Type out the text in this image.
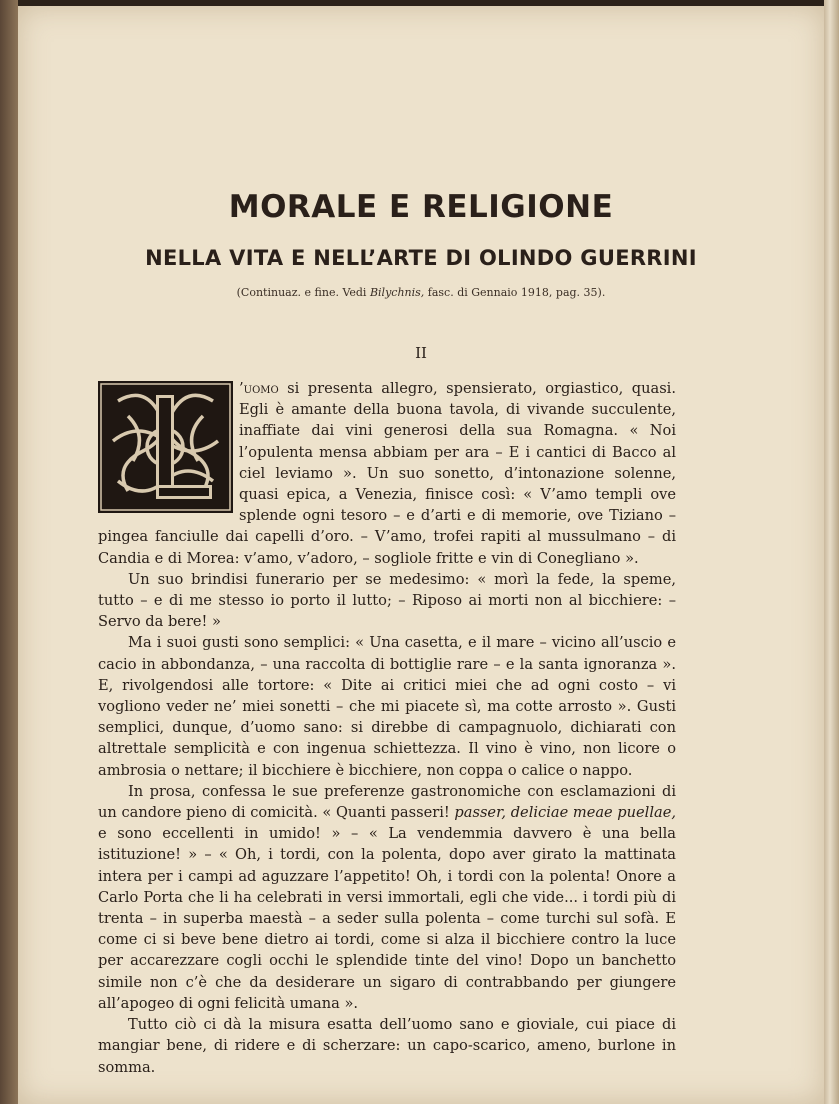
MORALE E RELIGIONE
NELLA VITA E NELL’ARTE DI OLINDO GUERRINI
(Continuaz. e fine. Vedi Bilychnis, fasc. di Gennaio 1918, pag. 35).
II

’uomo si presenta allegro, spensierato, orgiastico, quasi. Egli è amante della buona tavola, di vivande succulente, inaffiate dai vini generosi della sua Romagna. « Noi l’opulenta mensa abbiam per ara – E i cantici di Bacco al ciel leviamo ». Un suo sonetto, d’intonazione solenne, quasi epica, a Venezia, finisce così: « V’amo templi ove splende ogni tesoro – e d’arti e di memorie, ove Tiziano – pingea fanciulle dai capelli d’oro. – V’amo, trofei rapiti al mussulmano – di Candia e di Morea: v’amo, v’adoro, – sogliole fritte e vin di Conegliano ».

Un suo brindisi funerario per se medesimo: « morì la fede, la speme, tutto – e di me stesso io porto il lutto; – Riposo ai morti non al bicchiere: – Servo da bere! »

Ma i suoi gusti sono semplici: « Una casetta, e il mare – vicino all’uscio e cacio in abbondanza, – una raccolta di bottiglie rare – e la santa ignoranza ». E, rivolgendosi alle tortore: « Dite ai critici miei che ad ogni costo – vi vogliono veder ne’ miei sonetti – che mi piacete sì, ma cotte arrosto ». Gusti semplici, dunque, d’uomo sano: si direbbe di campagnuolo, dichiarati con altrettale semplicità e con ingenua schiettezza. Il vino è vino, non licore o ambrosia o nettare; il bicchiere è bicchiere, non coppa o calice o nappo.

In prosa, confessa le sue preferenze gastronomiche con esclamazioni di un candore pieno di comicità. « Quanti passeri! passer, deliciae meae puellae, e sono eccellenti in umido! » – « La vendemmia davvero è una bella istituzione! » – « Oh, i tordi, con la polenta, dopo aver girato la mattinata intera per i campi ad aguzzare l’appetito! Oh, i tordi con la polenta! Onore a Carlo Porta che li ha celebrati in versi immortali, egli che vide... i tordi più di trenta – in superba maestà – a seder sulla polenta – come turchi sul sofà. E come ci si beve bene dietro ai tordi, come si alza il bicchiere contro la luce per accarezzare cogli occhi le splendide tinte del vino! Dopo un banchetto simile non c’è che da desiderare un sigaro di contrabbando per giungere all’apogeo di ogni felicità umana ».

Tutto ciò ci dà la misura esatta dell’uomo sano e gioviale, cui piace di mangiar bene, di ridere e di scherzare: un capo-scarico, ameno, burlone in somma.
